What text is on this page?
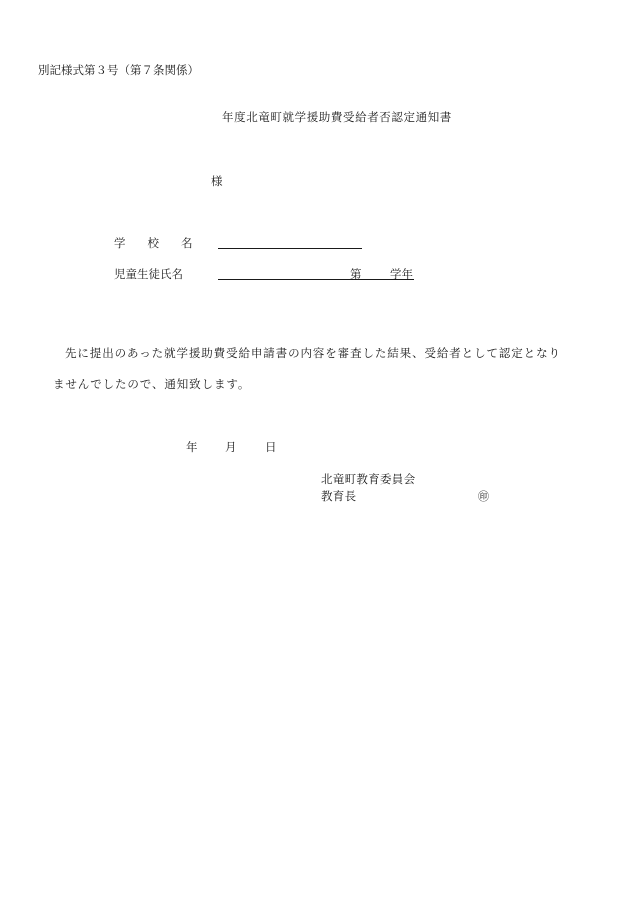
別記様式第３号（第７条関係）
年度北竜町就学援助費受給者否認定通知書
様
学 校 名
児童生徒氏名	第 学年
先に提出のあった就学援助費受給申請書の内容を審査した結果、受給者として認定となり
ませんでしたので、通知致します。
年 月 日
北竜町教育委員会
教育長	㊞
